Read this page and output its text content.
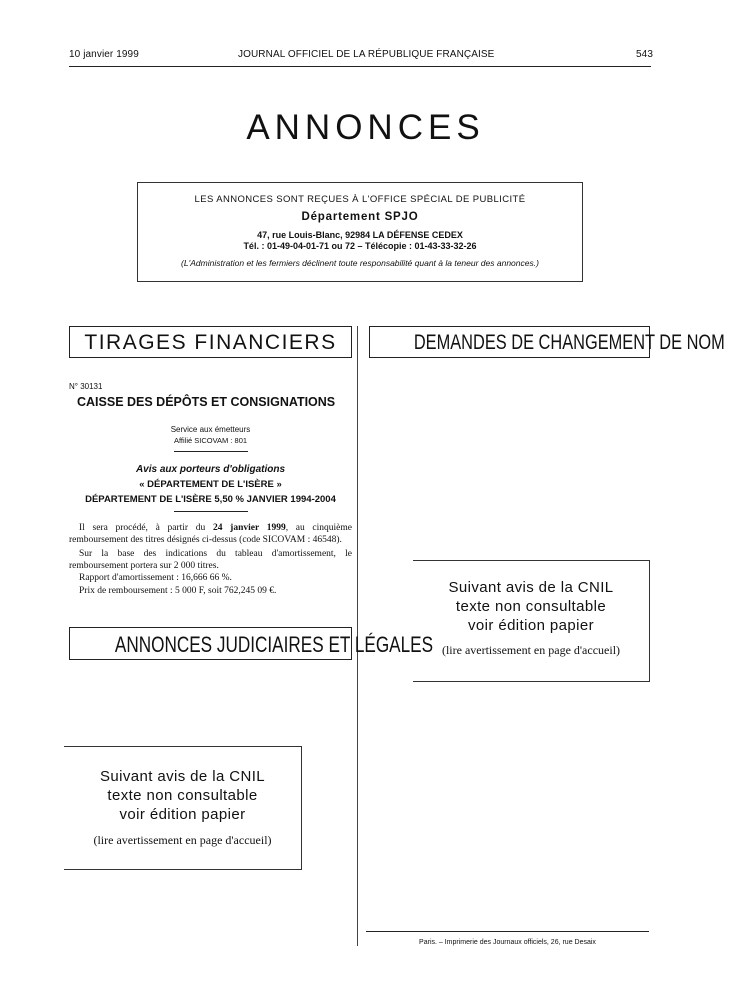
10 janvier 1999	JOURNAL OFFICIEL DE LA RÉPUBLIQUE FRANÇAISE	543
ANNONCES
LES ANNONCES SONT REÇUES À L'OFFICE SPÉCIAL DE PUBLICITÉ
Département SPJO
47, rue Louis-Blanc, 92984 LA DÉFENSE CEDEX
Tél. : 01-49-04-01-71 ou 72 – Télécopie : 01-43-33-32-26
(L'Administration et les fermiers déclinent toute responsabilité quant à la teneur des annonces.)
TIRAGES FINANCIERS
N° 30131
CAISSE DES DÉPÔTS ET CONSIGNATIONS
Service aux émetteurs
Affilié SICOVAM : 801
Avis aux porteurs d'obligations
« DÉPARTEMENT DE L'ISÈRE »
DÉPARTEMENT DE L'ISÈRE 5,50 % JANVIER 1994-2004
Il sera procédé, à partir du 24 janvier 1999, au cinquième remboursement des titres désignés ci-dessus (code SICOVAM : 46548).
Sur la base des indications du tableau d'amortissement, le remboursement portera sur 2 000 titres.
Rapport d'amortissement : 16,666 66 %.
Prix de remboursement : 5 000 F, soit 762,245 09 €.
ANNONCES JUDICIAIRES ET LÉGALES
Suivant avis de la CNIL
texte non consultable
voir édition papier
(lire avertissement en page d'accueil)
DEMANDES DE CHANGEMENT DE NOM
Suivant avis de la CNIL
texte non consultable
voir édition papier
(lire avertissement en page d'accueil)
Paris. – Imprimerie des Journaux officiels, 26, rue Desaix
